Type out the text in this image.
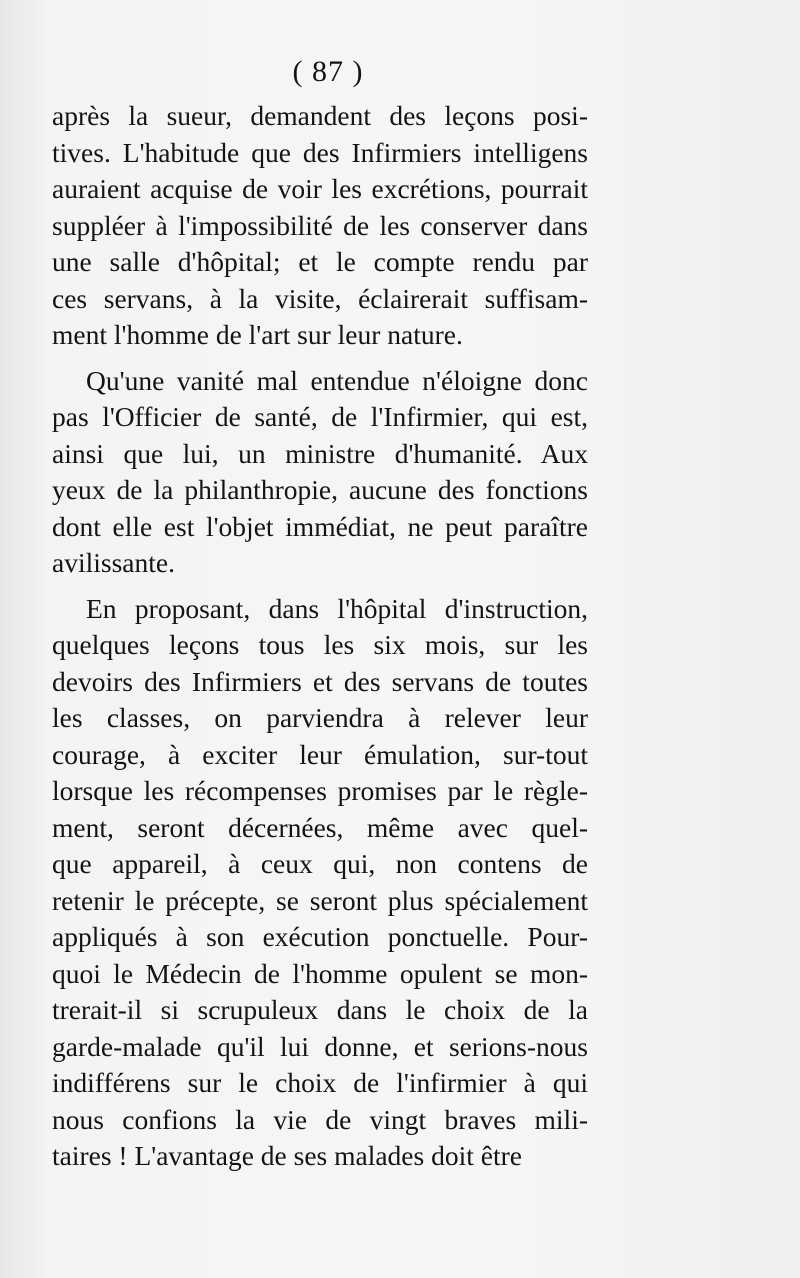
( 87 )
après la sueur, demandent des leçons posi-
tives. L'habitude que des Infirmiers intelligens
auraient acquise de voir les excrétions, pourrait
suppléer à l'impossibilité de les conserver dans
une salle d'hôpital; et le compte rendu par
ces servans, à la visite, éclairerait suffisam-
ment l'homme de l'art sur leur nature.
Qu'une vanité mal entendue n'éloigne donc
pas l'Officier de santé, de l'Infirmier, qui est,
ainsi que lui, un ministre d'humanité. Aux
yeux de la philanthropie, aucune des fonctions
dont elle est l'objet immédiat, ne peut paraître
avilissante.
En proposant, dans l'hôpital d'instruction,
quelques leçons tous les six mois, sur les
devoirs des Infirmiers et des servans de toutes
les classes, on parviendra à relever leur
courage, à exciter leur émulation, sur-tout
lorsque les récompenses promises par le règle-
ment, seront décernées, même avec quel-
que appareil, à ceux qui, non contens de
retenir le précepte, se seront plus spécialement
appliqués à son exécution ponctuelle. Pour-
quoi le Médecin de l'homme opulent se mon-
trerait-il si scrupuleux dans le choix de la
garde-malade qu'il lui donne, et serions-nous
indifférens sur le choix de l'infirmier à qui
nous confions la vie de vingt braves mili-
taires ! L'avantage de ses malades doit être
